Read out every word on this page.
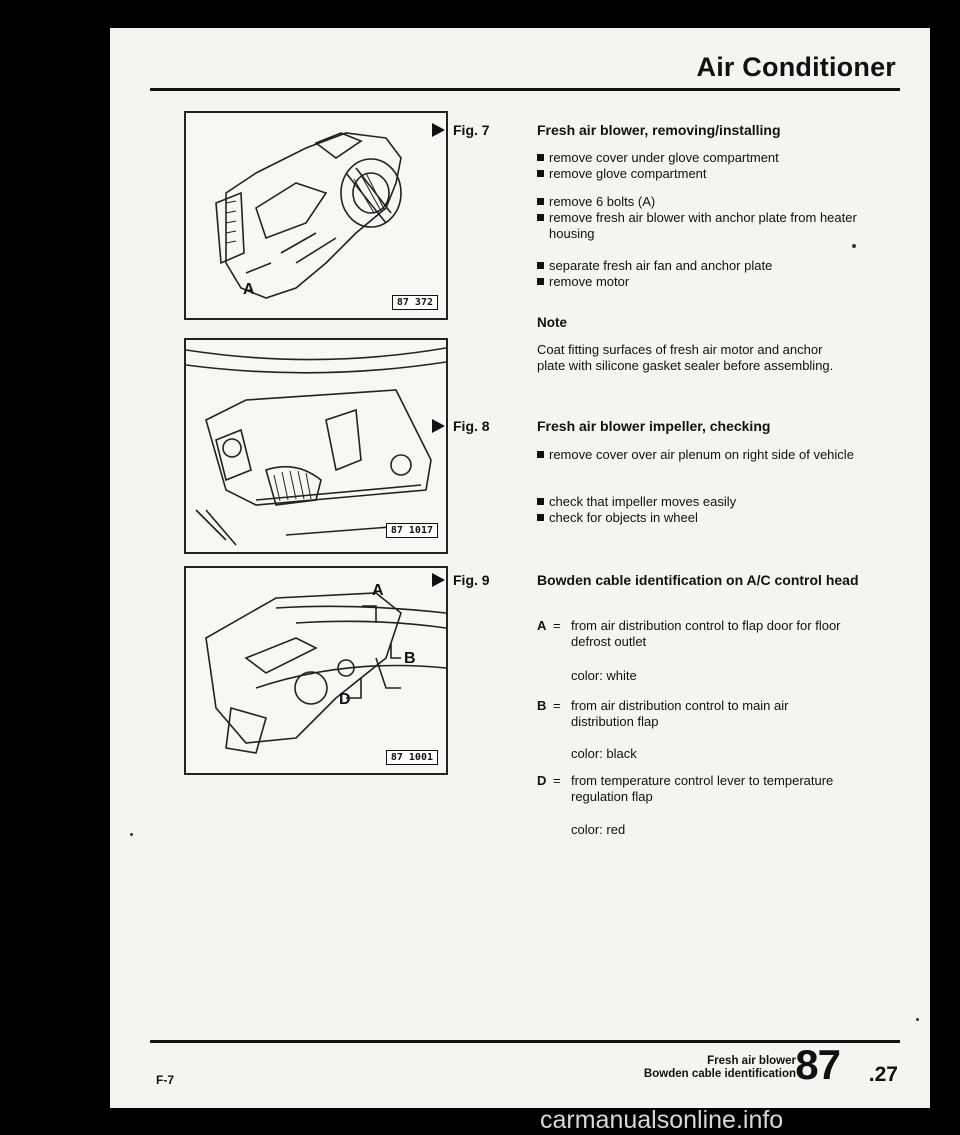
Air Conditioner
A
87 372
87 1017
A
B
D
87 1001
Fig. 7	Fresh air blower, removing/installing
remove cover under glove compartment
remove glove compartment
remove 6 bolts (A)
remove fresh air blower with anchor plate from heater housing
separate fresh air fan and anchor plate
remove motor
Note
Coat fitting surfaces of fresh air motor and anchor plate with silicone gasket sealer before assembling.
Fig. 8	Fresh air blower impeller, checking
remove cover over air plenum on right side of vehicle
check that impeller moves easily
check for objects in wheel
Fig. 9	Bowden cable identification on A/C control head
A = from air distribution control to flap door for floor defrost outlet
color: white
B = from air distribution control to main air distribution flap
color: black
D = from temperature control lever to temperature regulation flap
color: red
F-7
Fresh air blower
Bowden cable identification 87 .27
carmanualsonline.info
